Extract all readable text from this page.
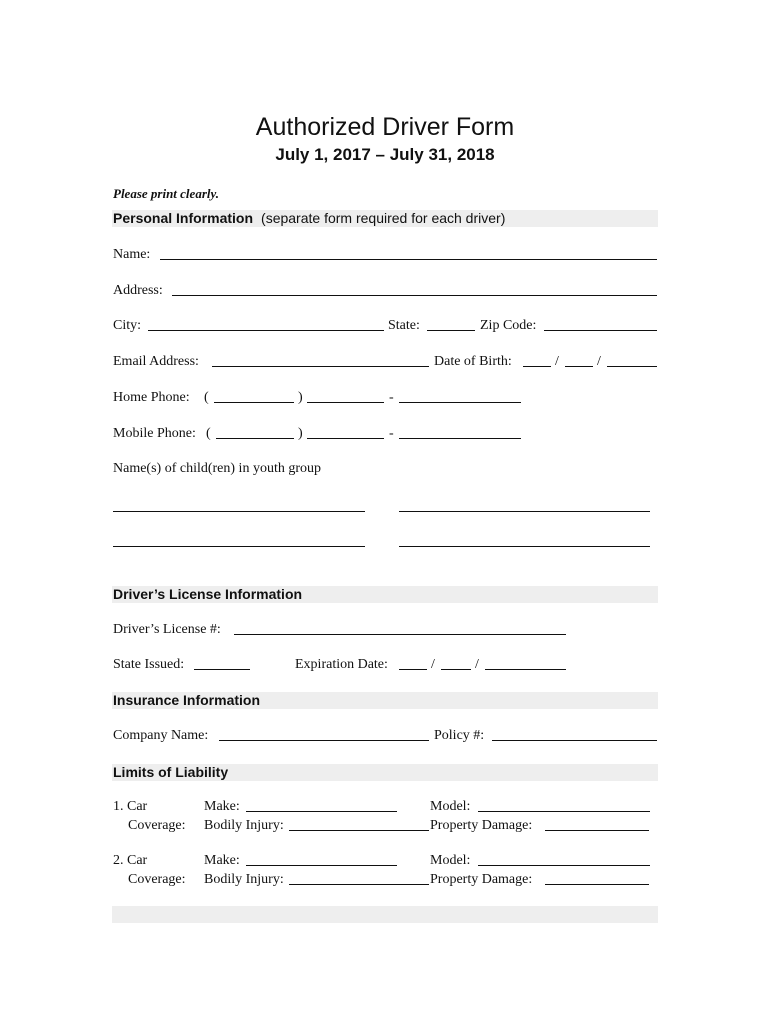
Authorized Driver Form
July 1, 2017 – July 31, 2018
Please print clearly.
Personal Information (separate form required for each driver)
Name:
Address:
City:	State:	Zip Code:
Email Address:	Date of Birth:	/	/
Home Phone: (	)	-
Mobile Phone: (	)	-
Name(s) of child(ren) in youth group
Driver’s License Information
Driver’s License #:
State Issued:	Expiration Date:	/	/
Insurance Information
Company Name:	Policy #:
Limits of Liability
1. Car	Make:	Model:
Coverage: Bodily Injury:	Property Damage:
2. Car	Make:	Model:
Coverage: Bodily Injury:	Property Damage:
